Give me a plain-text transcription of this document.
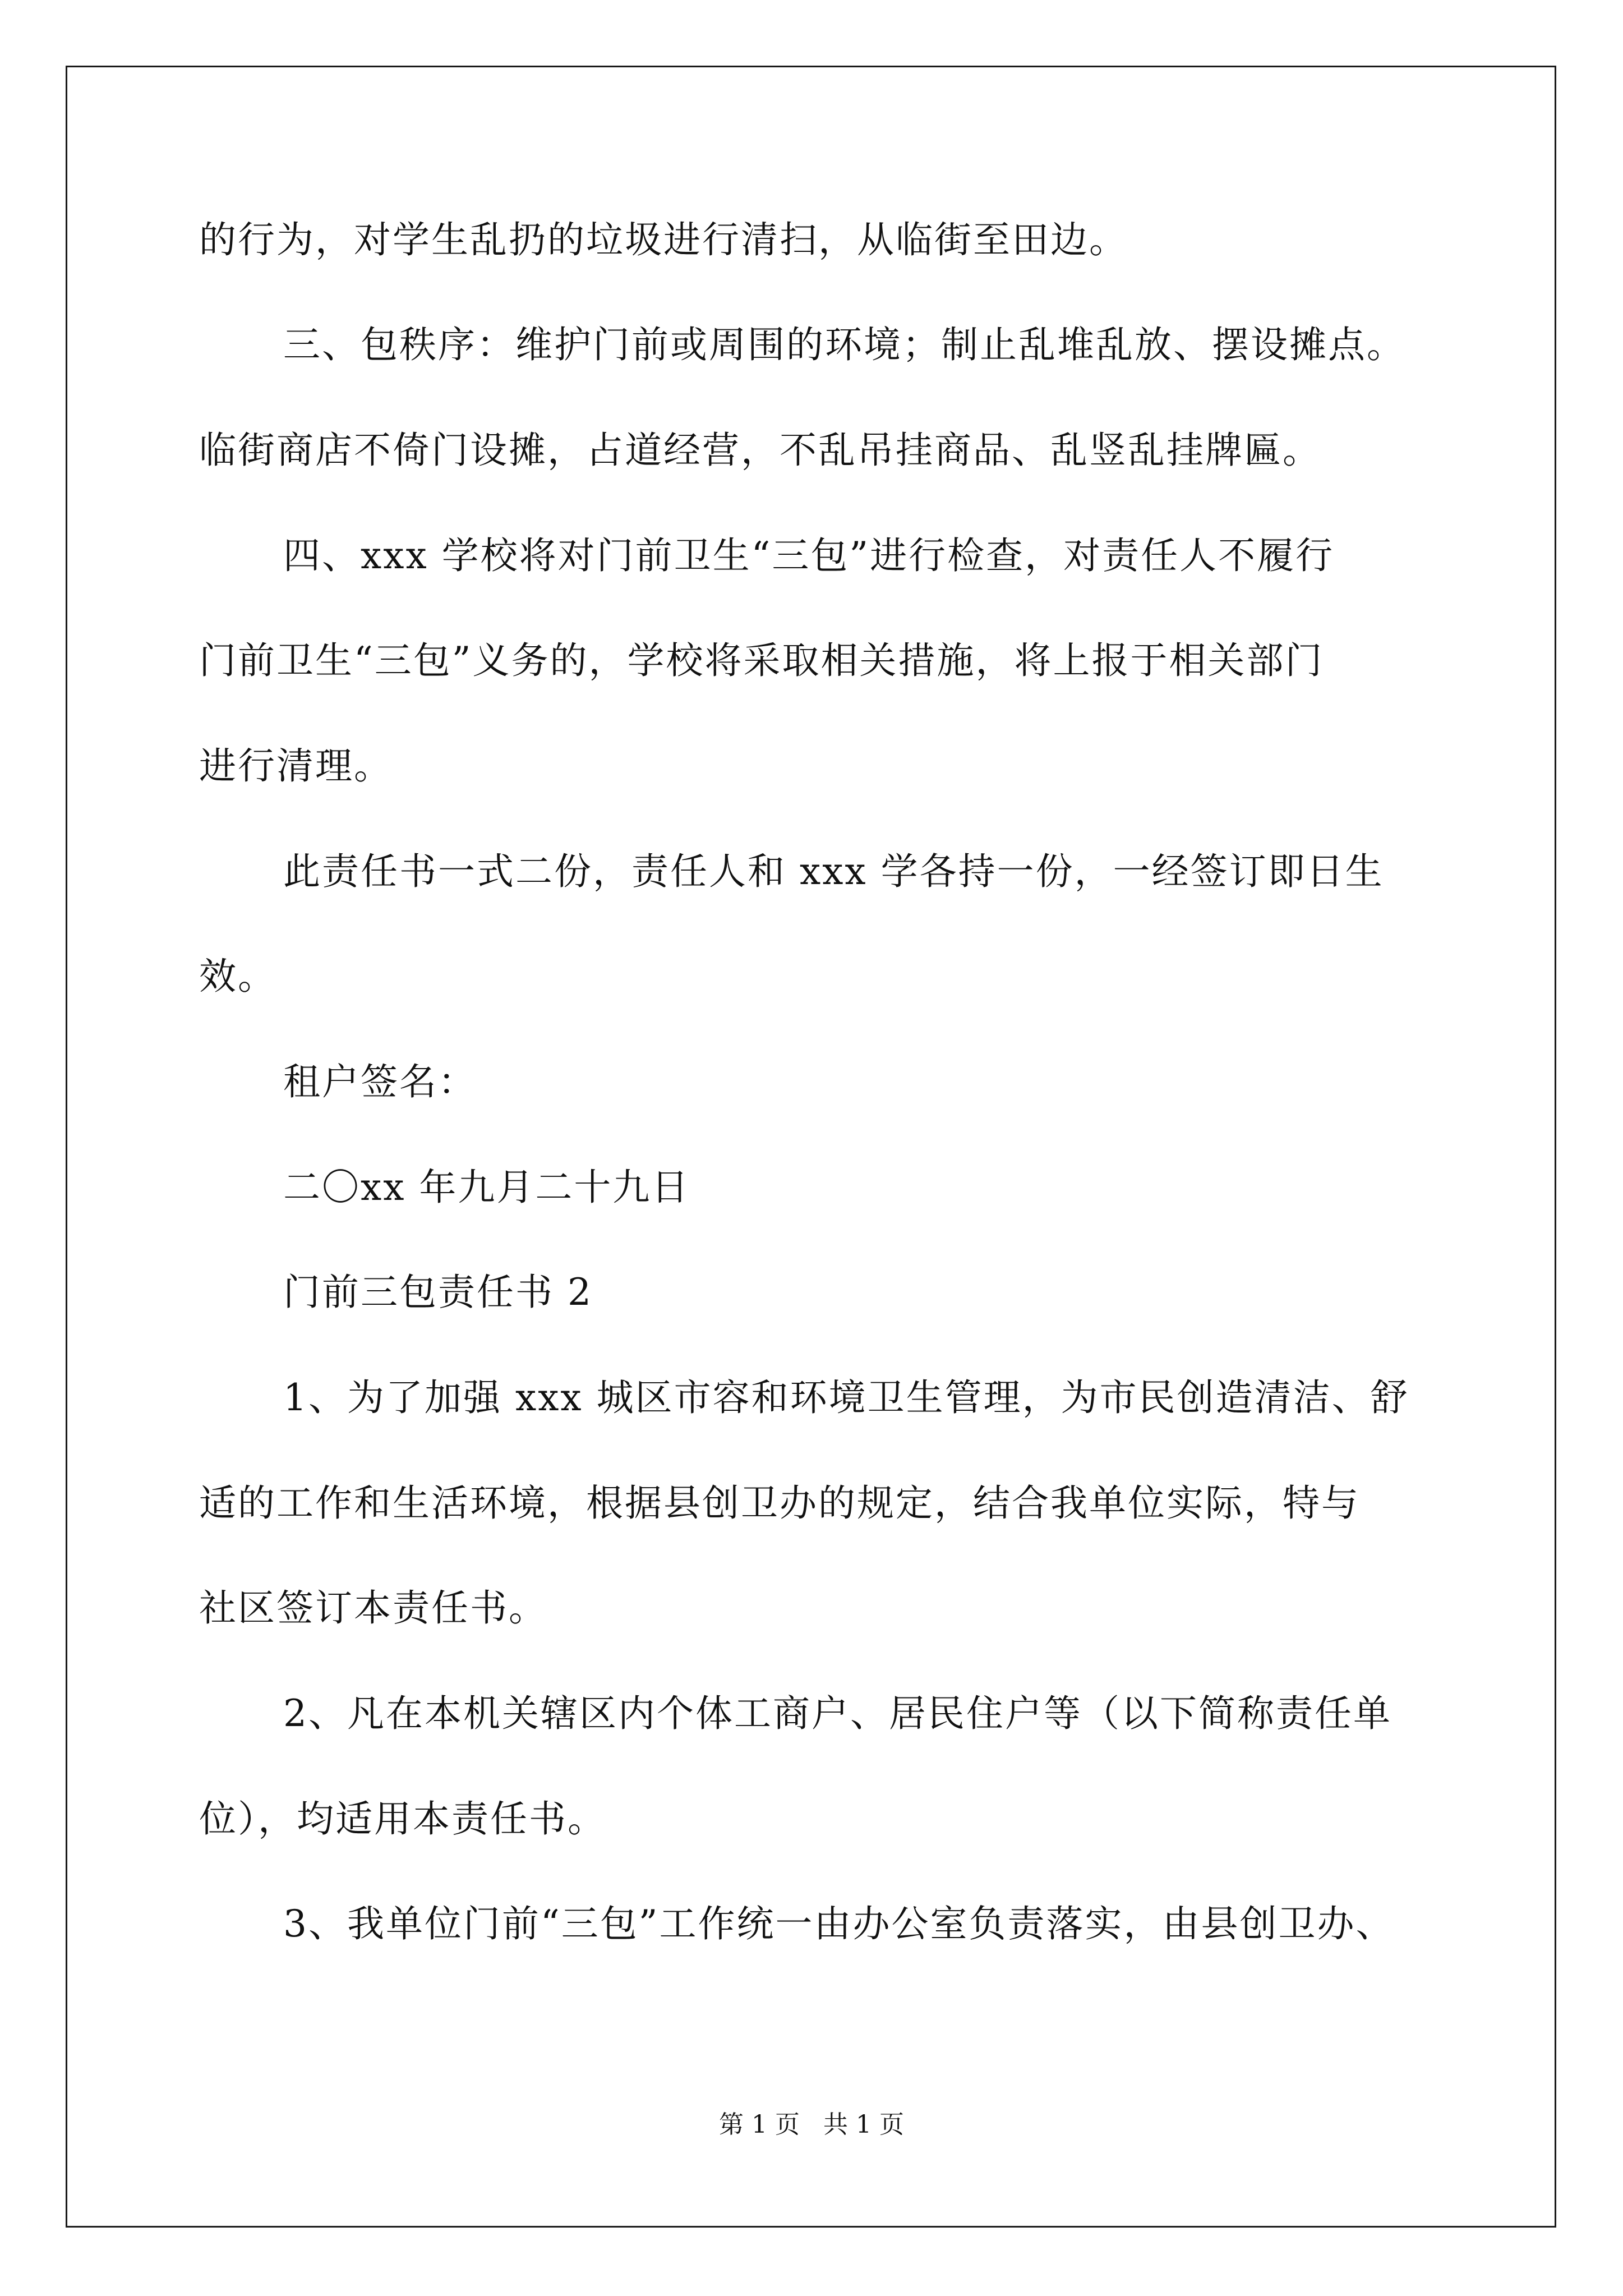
的行为，对学生乱扔的垃圾进行清扫，从临街至田边。

三、包秩序：维护门前或周围的环境；制止乱堆乱放、摆设摊点。

临街商店不倚门设摊，占道经营，不乱吊挂商品、乱竖乱挂牌匾。

四、xxx 学校将对门前卫生“三包”进行检查，对责任人不履行

门前卫生“三包”义务的，学校将采取相关措施，将上报于相关部门

进行清理。

此责任书一式二份，责任人和 xxx 学各持一份，一经签订即日生

效。

租户签名：

二〇xx 年九月二十九日

门前三包责任书 2

1、为了加强 xxx 城区市容和环境卫生管理，为市民创造清洁、舒

适的工作和生活环境，根据县创卫办的规定，结合我单位实际，特与

社区签订本责任书。

2、凡在本机关辖区内个体工商户、居民住户等（以下简称责任单

位），均适用本责任书。

3、我单位门前“三包”工作统一由办公室负责落实，由县创卫办、

第 1 页   共 1 页
